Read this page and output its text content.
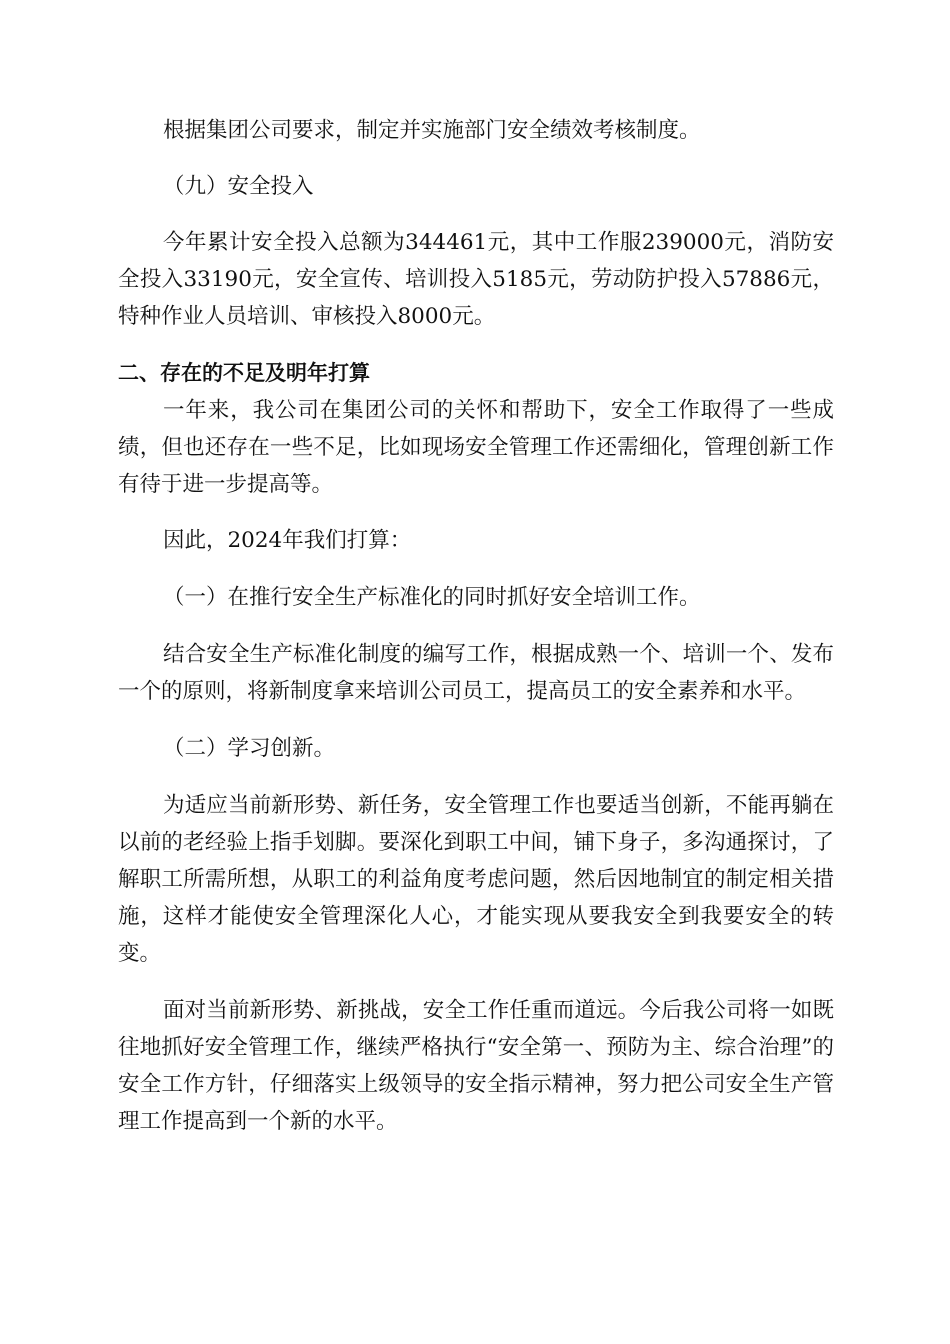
根据集团公司要求，制定并实施部门安全绩效考核制度。

（九）安全投入

今年累计安全投入总额为344461元，其中工作服239000元，消防安全投入33190元，安全宣传、培训投入5185元，劳动防护投入57886元，特种作业人员培训、审核投入8000元。

二、存在的不足及明年打算

一年来，我公司在集团公司的关怀和帮助下，安全工作取得了一些成绩，但也还存在一些不足，比如现场安全管理工作还需细化，管理创新工作有待于进一步提高等。

因此，2024年我们打算：

（一）在推行安全生产标准化的同时抓好安全培训工作。

结合安全生产标准化制度的编写工作，根据成熟一个、培训一个、发布一个的原则，将新制度拿来培训公司员工，提高员工的安全素养和水平。

（二）学习创新。

为适应当前新形势、新任务，安全管理工作也要适当创新，不能再躺在以前的老经验上指手划脚。要深化到职工中间，铺下身子，多沟通探讨，了解职工所需所想，从职工的利益角度考虑问题，然后因地制宜的制定相关措施，这样才能使安全管理深化人心，才能实现从要我安全到我要安全的转变。

面对当前新形势、新挑战，安全工作任重而道远。今后我公司将一如既往地抓好安全管理工作，继续严格执行“安全第一、预防为主、综合治理”的安全工作方针，仔细落实上级领导的安全指示精神，努力把公司安全生产管理工作提高到一个新的水平。
